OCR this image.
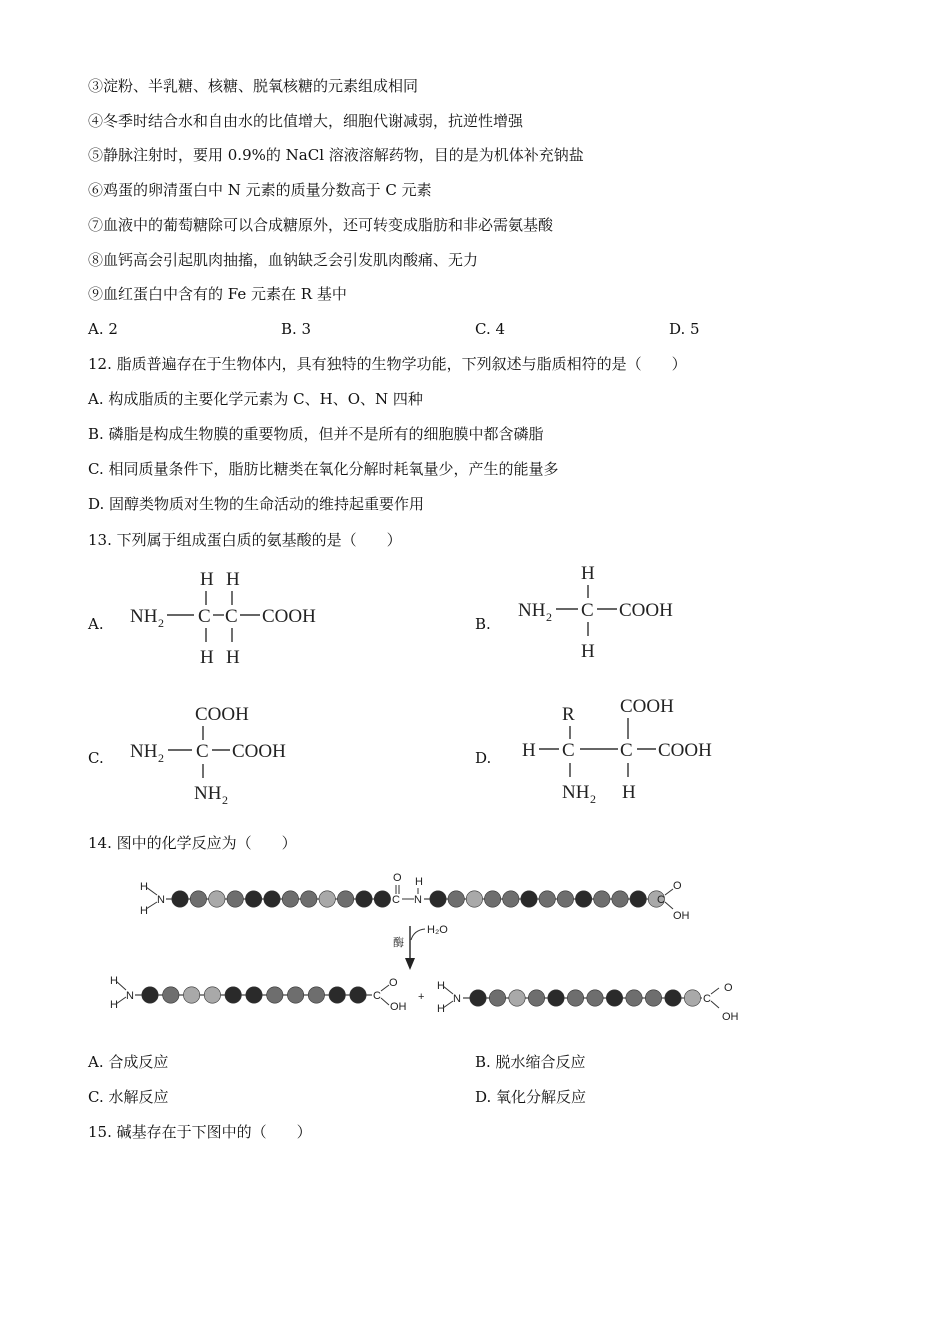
③淀粉、半乳糖、核糖、脱氧核糖的元素组成相同
④冬季时结合水和自由水的比值增大，细胞代谢减弱，抗逆性增强
⑤静脉注射时，要用 0.9%的 NaCl 溶液溶解药物，目的是为机体补充钠盐
⑥鸡蛋的卵清蛋白中 N 元素的质量分数高于 C 元素
⑦血液中的葡萄糖除可以合成糖原外，还可转变成脂肪和非必需氨基酸
⑧血钙高会引起肌肉抽搐，血钠缺乏会引发肌肉酸痛、无力
⑨血红蛋白中含有的 Fe 元素在 R 基中
A. 2	B. 3	C. 4	D. 5
12. 脂质普遍存在于生物体内，具有独特的生物学功能，下列叙述与脂质相符的是（　　）
A. 构成脂质的主要化学元素为 C、H、O、N 四种
B. 磷脂是构成生物膜的重要物质，但并不是所有的细胞膜中都含磷脂
C. 相同质量条件下，脂肪比糖类在氧化分解时耗氧量少，产生的能量多
D. 固醇类物质对生物的生命活动的维持起重要作用
13. 下列属于组成蛋白质的氨基酸的是（　　）
A.
H H
NH 2 C C COOH
H H
B.
H
NH 2 C COOH
H
C.
COOH
NH 2 C COOH
NH 2
D.
COOH
R
H C C COOH
NH 2 H
14. 图中的化学反应为（　　）
H
H
N
O
C
H
N	C
O
OH
酶
H₂O
H
H
N	C
O
OH
+
H
H
N	C
O
OH
A. 合成反应	B. 脱水缩合反应
C. 水解反应	D. 氧化分解反应
15. 碱基存在于下图中的（　　）
